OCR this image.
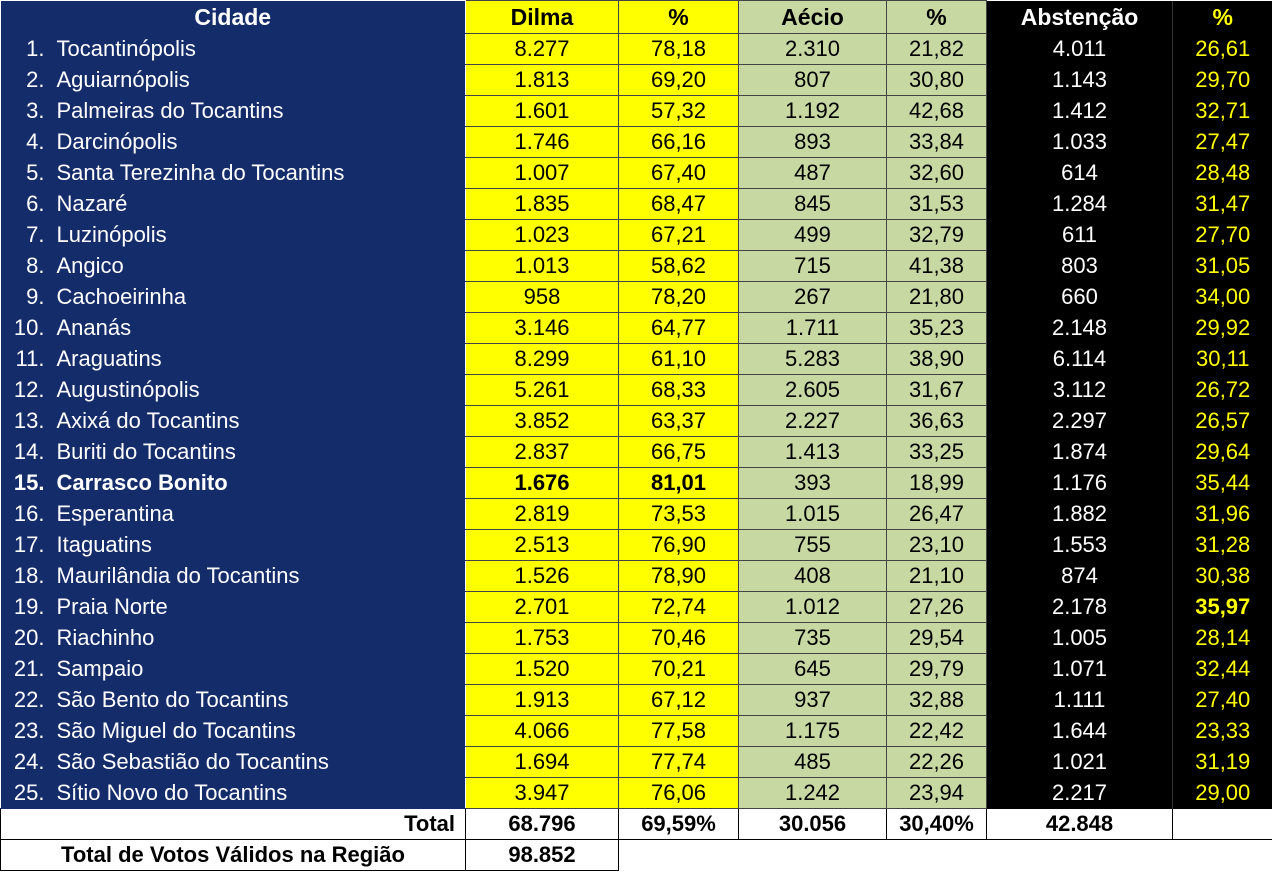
Cidade	Dilma	%	Aécio	%	Abstenção	%
1. Tocantinópolis	8.277	78,18	2.310	21,82	4.011	26,61
2. Aguiarnópolis	1.813	69,20	807	30,80	1.143	29,70
3. Palmeiras do Tocantins	1.601	57,32	1.192	42,68	1.412	32,71
4. Darcinópolis	1.746	66,16	893	33,84	1.033	27,47
5. Santa Terezinha do Tocantins	1.007	67,40	487	32,60	614	28,48
6. Nazaré	1.835	68,47	845	31,53	1.284	31,47
7. Luzinópolis	1.023	67,21	499	32,79	611	27,70
8. Angico	1.013	58,62	715	41,38	803	31,05
9. Cachoeirinha	958	78,20	267	21,80	660	34,00
10. Ananás	3.146	64,77	1.711	35,23	2.148	29,92
11. Araguatins	8.299	61,10	5.283	38,90	6.114	30,11
12. Augustinópolis	5.261	68,33	2.605	31,67	3.112	26,72
13. Axixá do Tocantins	3.852	63,37	2.227	36,63	2.297	26,57
14. Buriti do Tocantins	2.837	66,75	1.413	33,25	1.874	29,64
15. Carrasco Bonito	1.676	81,01	393	18,99	1.176	35,44
16. Esperantina	2.819	73,53	1.015	26,47	1.882	31,96
17. Itaguatins	2.513	76,90	755	23,10	1.553	31,28
18. Maurilândia do Tocantins	1.526	78,90	408	21,10	874	30,38
19. Praia Norte	2.701	72,74	1.012	27,26	2.178	35,97
20. Riachinho	1.753	70,46	735	29,54	1.005	28,14
21. Sampaio	1.520	70,21	645	29,79	1.071	32,44
22. São Bento do Tocantins	1.913	67,12	937	32,88	1.111	27,40
23. São Miguel do Tocantins	4.066	77,58	1.175	22,42	1.644	23,33
24. São Sebastião do Tocantins	1.694	77,74	485	22,26	1.021	31,19
25. Sítio Novo do Tocantins	3.947	76,06	1.242	23,94	2.217	29,00
Total	68.796	69,59%	30.056	30,40%	42.848	
Total de Votos Válidos na Região	98.852					
